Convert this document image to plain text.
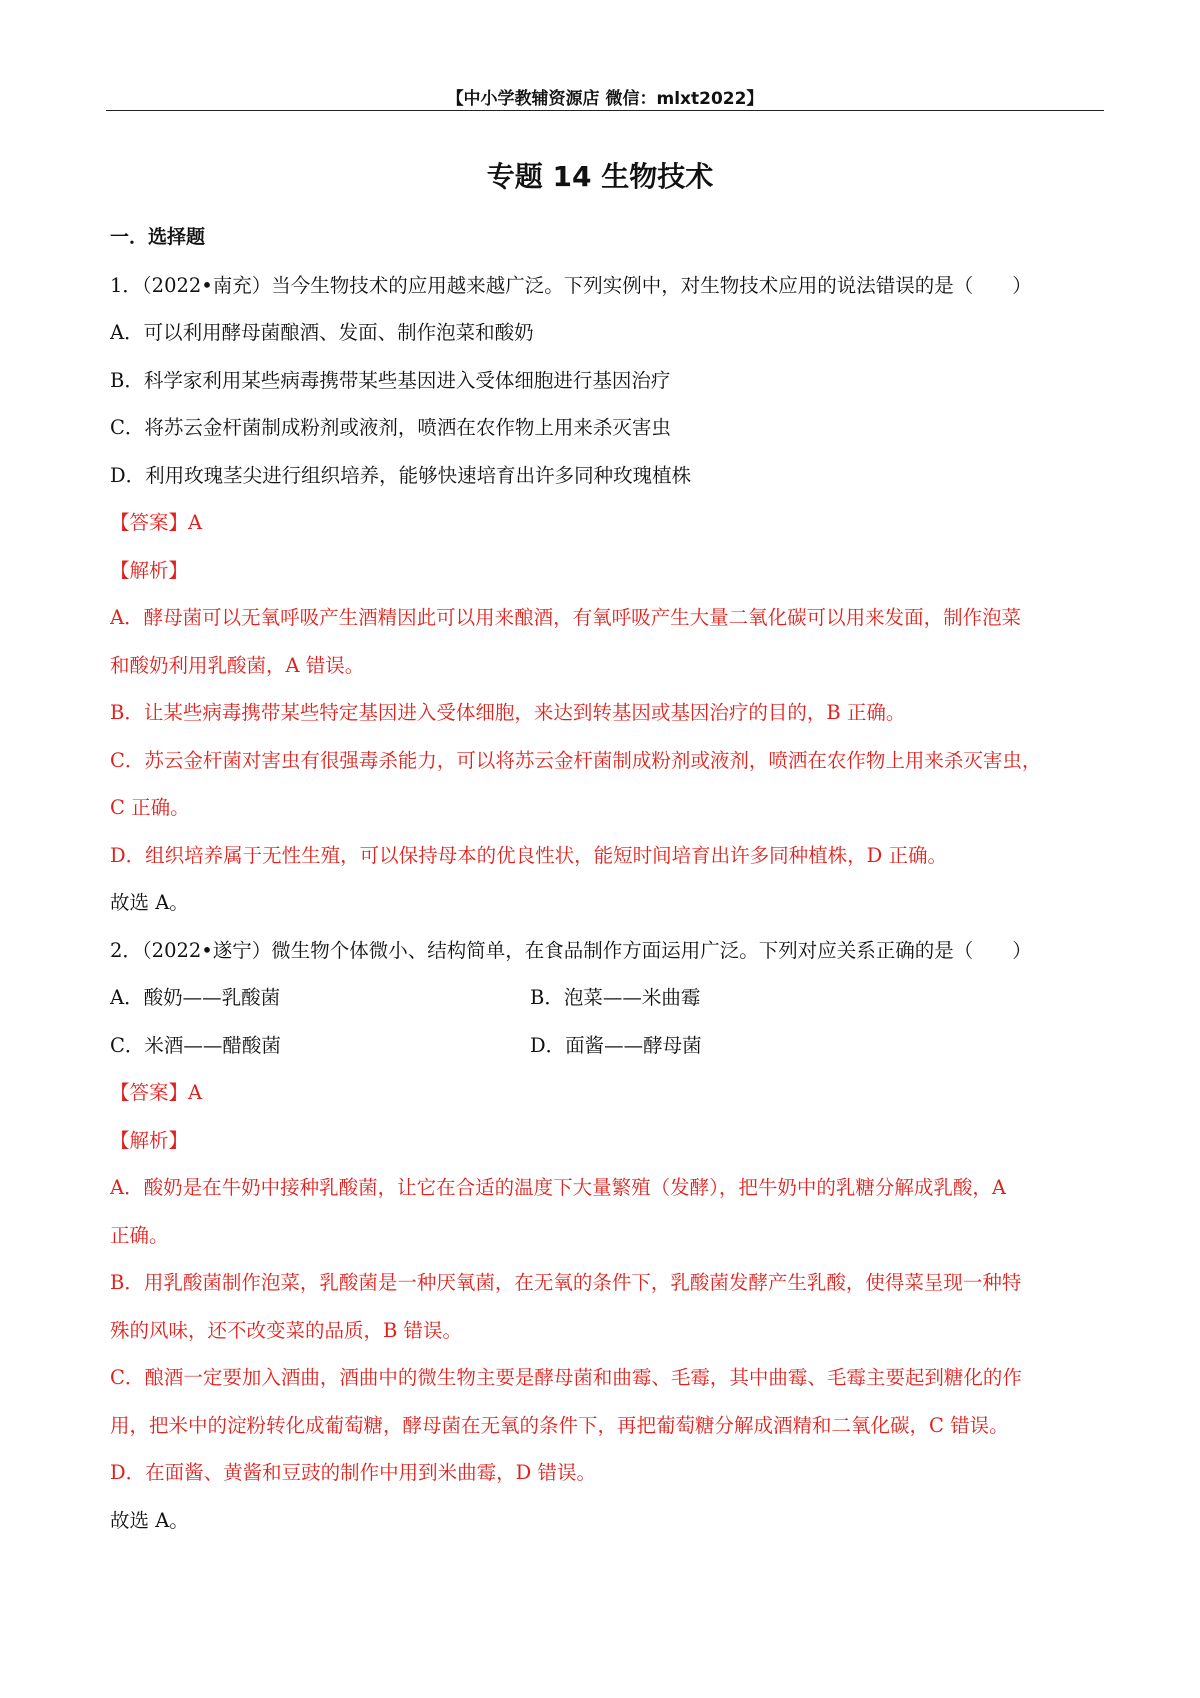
【中小学教辅资源店 微信：mlxt2022】
专题 14 生物技术
一．选择题
1．（2022•南充）当今生物技术的应用越来越广泛。下列实例中，对生物技术应用的说法错误的是（　　）
A．可以利用酵母菌酿酒、发面、制作泡菜和酸奶
B．科学家利用某些病毒携带某些基因进入受体细胞进行基因治疗
C．将苏云金杆菌制成粉剂或液剂，喷洒在农作物上用来杀灭害虫
D．利用玫瑰茎尖进行组织培养，能够快速培育出许多同种玫瑰植株
【答案】A
【解析】
A．酵母菌可以无氧呼吸产生酒精因此可以用来酿酒，有氧呼吸产生大量二氧化碳可以用来发面，制作泡菜
和酸奶利用乳酸菌，A 错误。
B．让某些病毒携带某些特定基因进入受体细胞，来达到转基因或基因治疗的目的，B 正确。
C．苏云金杆菌对害虫有很强毒杀能力，可以将苏云金杆菌制成粉剂或液剂，喷洒在农作物上用来杀灭害虫，
C 正确。
D．组织培养属于无性生殖，可以保持母本的优良性状，能短时间培育出许多同种植株，D 正确。
故选 A。
2．（2022•遂宁）微生物个体微小、结构简单，在食品制作方面运用广泛。下列对应关系正确的是（　　）
A．酸奶——乳酸菌	B．泡菜——米曲霉
C．米酒——醋酸菌	D．面酱——酵母菌
【答案】A
【解析】
A．酸奶是在牛奶中接种乳酸菌，让它在合适的温度下大量繁殖（发酵），把牛奶中的乳糖分解成乳酸，A
正确。
B．用乳酸菌制作泡菜，乳酸菌是一种厌氧菌，在无氧的条件下，乳酸菌发酵产生乳酸，使得菜呈现一种特
殊的风味，还不改变菜的品质，B 错误。
C．酿酒一定要加入酒曲，酒曲中的微生物主要是酵母菌和曲霉、毛霉，其中曲霉、毛霉主要起到糖化的作
用，把米中的淀粉转化成葡萄糖，酵母菌在无氧的条件下，再把葡萄糖分解成酒精和二氧化碳，C 错误。
D．在面酱、黄酱和豆豉的制作中用到米曲霉，D 错误。
故选 A。
